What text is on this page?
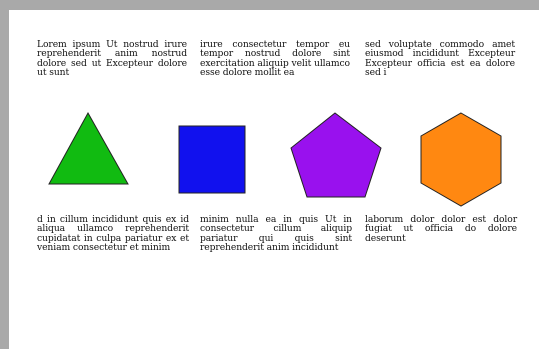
Lorem ipsum Ut nostrud irure reprehenderit anim nostrud dolore sed ut Excepteur dolore ut sunt
irure consectetur tempor eu tempor nostrud dolore sint exercitation aliquip velit ullamco esse dolore mollit ea
sed voluptate commodo amet eiusmod incididunt Excepteur Excepteur officia est ea dolore sed i
d in cillum incididunt quis ex id aliqua ullamco reprehenderit cupidatat in culpa pariatur ex et veniam consectetur et minim
minim nulla ea in quis Ut in consectetur cillum aliquip pariatur qui quis sint reprehenderit anim incididunt
laborum dolor dolor est dolor fugiat ut officia do dolore deserunt
